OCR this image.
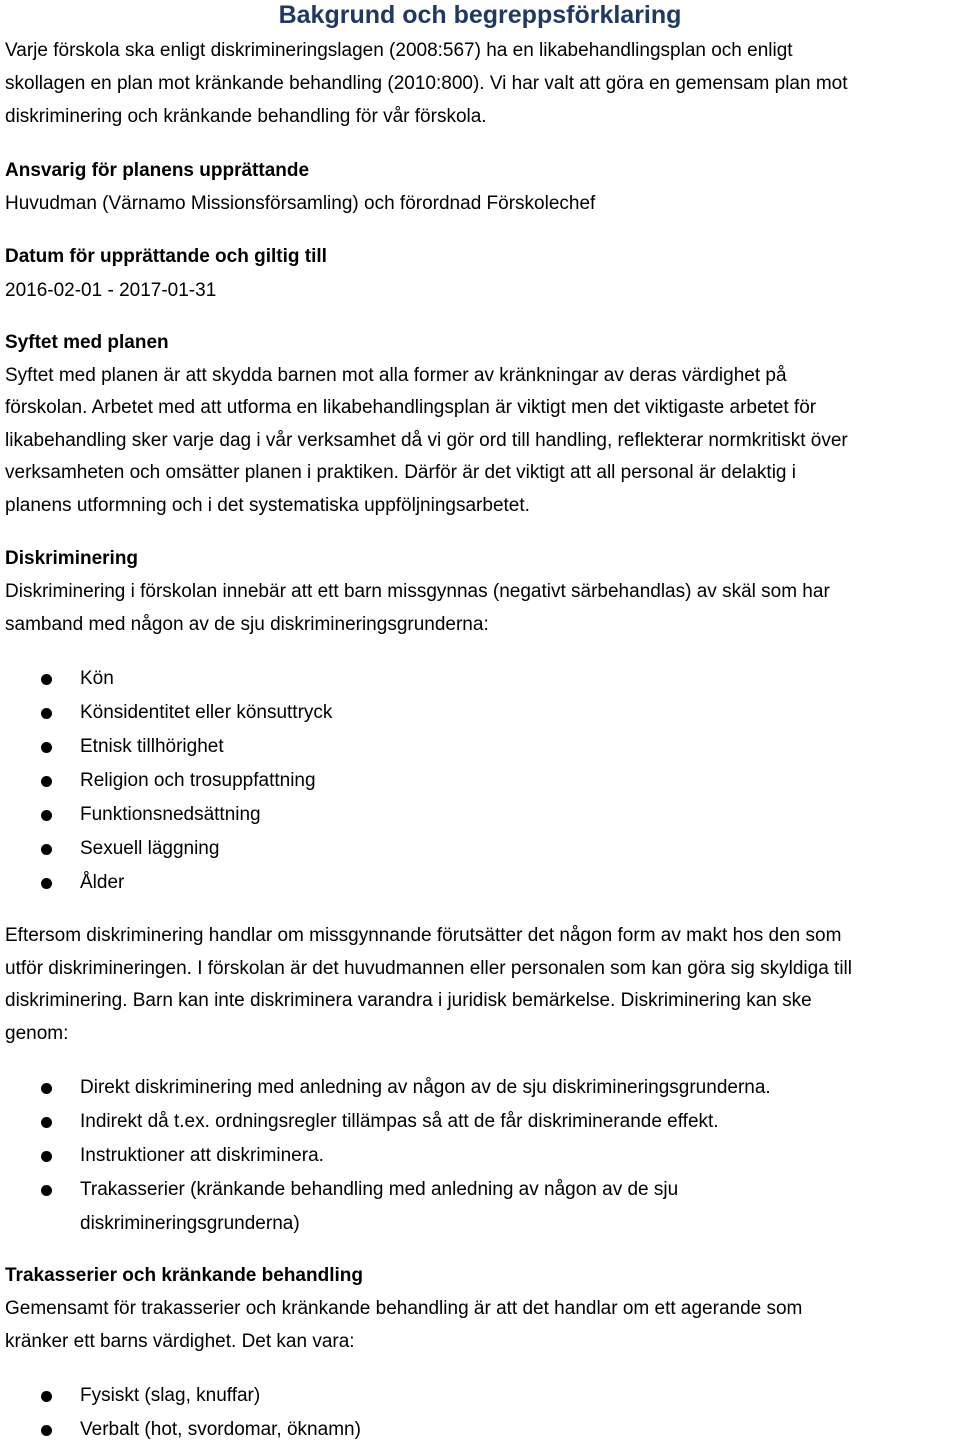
Bakgrund och begreppsförklaring

Varje förskola ska enligt diskrimineringslagen (2008:567) ha en likabehandlingsplan och enligt

skollagen en plan mot kränkande behandling (2010:800). Vi har valt att göra en gemensam plan mot

diskriminering och kränkande behandling för vår förskola.

Ansvarig för planens upprättande

Huvudman (Värnamo Missionsförsamling) och förordnad Förskolechef

Datum för upprättande och giltig till

2016-02-01 - 2017-01-31

Syftet med planen

Syftet med planen är att skydda barnen mot alla former av kränkningar av deras värdighet på

förskolan. Arbetet med att utforma en likabehandlingsplan är viktigt men det viktigaste arbetet för

likabehandling sker varje dag i vår verksamhet då vi gör ord till handling, reflekterar normkritiskt över

verksamheten och omsätter planen i praktiken. Därför är det viktigt att all personal är delaktig i

planens utformning och i det systematiska uppföljningsarbetet.

Diskriminering

Diskriminering i förskolan innebär att ett barn missgynnas (negativt särbehandlas) av skäl som har

samband med någon av de sju diskrimineringsgrunderna:

Kön
Könsidentitet eller könsuttryck
Etnisk tillhörighet
Religion och trosuppfattning
Funktionsnedsättning
Sexuell läggning
Ålder

Eftersom diskriminering handlar om missgynnande förutsätter det någon form av makt hos den som

utför diskrimineringen. I förskolan är det huvudmannen eller personalen som kan göra sig skyldiga till

diskriminering. Barn kan inte diskriminera varandra i juridisk bemärkelse. Diskriminering kan ske

genom:

Direkt diskriminering med anledning av någon av de sju diskrimineringsgrunderna.
Indirekt då t.ex. ordningsregler tillämpas så att de får diskriminerande effekt.
Instruktioner att diskriminera.
Trakasserier (kränkande behandling med anledning av någon av de sju
diskrimineringsgrunderna)

Trakasserier och kränkande behandling

Gemensamt för trakasserier och kränkande behandling är att det handlar om ett agerande som

kränker ett barns värdighet. Det kan vara:

Fysiskt (slag, knuffar)
Verbalt (hot, svordomar, öknamn)
